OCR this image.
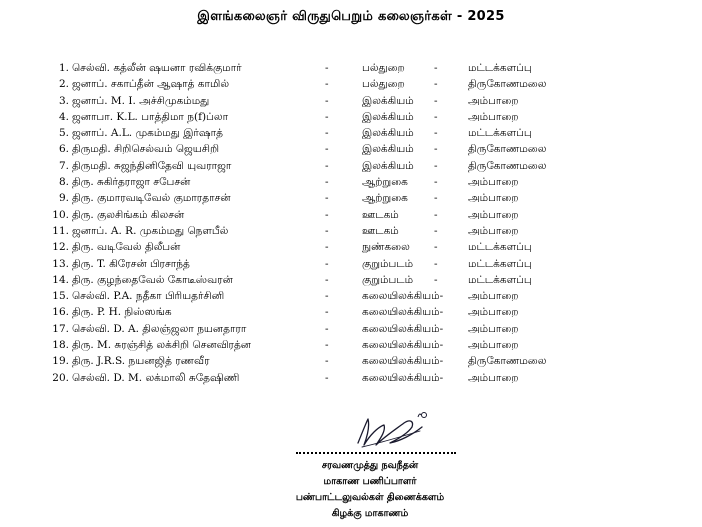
இளங்கலைஞர் விருதுபெறும் கலைஞர்கள் - 2025
1. செல்வி. கத்லீன் ஷயனா ரவிக்குமார்	-	பல்துறை	-	மட்டக்களப்பு
2. ஜனாப். சகாப்தீன் ஆஷாத் காமில்	-	பல்துறை	-	திருகோணமலை
3. ஜனாப். M. I. அச்சிமுகம்மது	-	இலக்கியம் -	அம்பாறை
4. ஜனாபா. K.L. பாத்திமா ந(f)ப்லா	-	இலக்கியம் -	அம்பாறை
5. ஜனாப். A.L. முகம்மது இர்ஷாத்	-	இலக்கியம் -	மட்டக்களப்பு
6. திருமதி. சிறிசெல்வம் ஜெயசிறி	-	இலக்கியம் -	திருகோணமலை
7. திருமதி. சுஜந்தினிதேவி யுவராஜா	-	இலக்கியம் -	திருகோணமலை
8. திரு. சுகிர்தராஜா சபேசன்	-	ஆற்றுகை -	அம்பாறை
9. திரு. குமாரவடிவேல் குமாரதாசன்	-	ஆற்றுகை -	அம்பாறை
10. திரு. குலசிங்கம் கிலசன்	-	ஊடகம்	-	அம்பாறை
11. ஜனாப். A. R. முகம்மது நௌபீல்	-	ஊடகம்	-	அம்பாறை
12. திரு. வடிவேல் திலீபன்	-	நுண்கலை -	மட்டக்களப்பு
13. திரு. T. கிரேசன் பிரசாந்த்	-	குறும்படம் -	மட்டக்களப்பு
14. திரு. குழந்தைவேல் கோடீஸ்வரன்	-	குறும்படம் -	மட்டக்களப்பு
15. செல்வி. P.A. நதீகா பிரியதர்சினி	-	கலையிலக்கியம்- அம்பாறை
16. திரு. P. H. நிஸ்ஸங்க	-	கலையிலக்கியம்- அம்பாறை
17. செல்வி. D. A. திலஞ்ஜலா நயனதாரா	-	கலையிலக்கியம்- அம்பாறை
18. திரு. M. சுரஞ்சித் லக்சிறி செனவிரத்ன	-	கலையிலக்கியம்- அம்பாறை
19. திரு. J.R.S. நயனஜித் ரணவீர	-	கலையிலக்கியம்- திருகோணமலை
20. செல்வி. D. M. லக்மாலி சுதேஷிணி	-	கலையிலக்கியம்- அம்பாறை
சரவணமுத்து நவநீதன்
மாகாண பணிப்பாளர்
பண்பாட்டலுவல்கள் திணைக்களம்
கிழக்கு மாகாணம்
